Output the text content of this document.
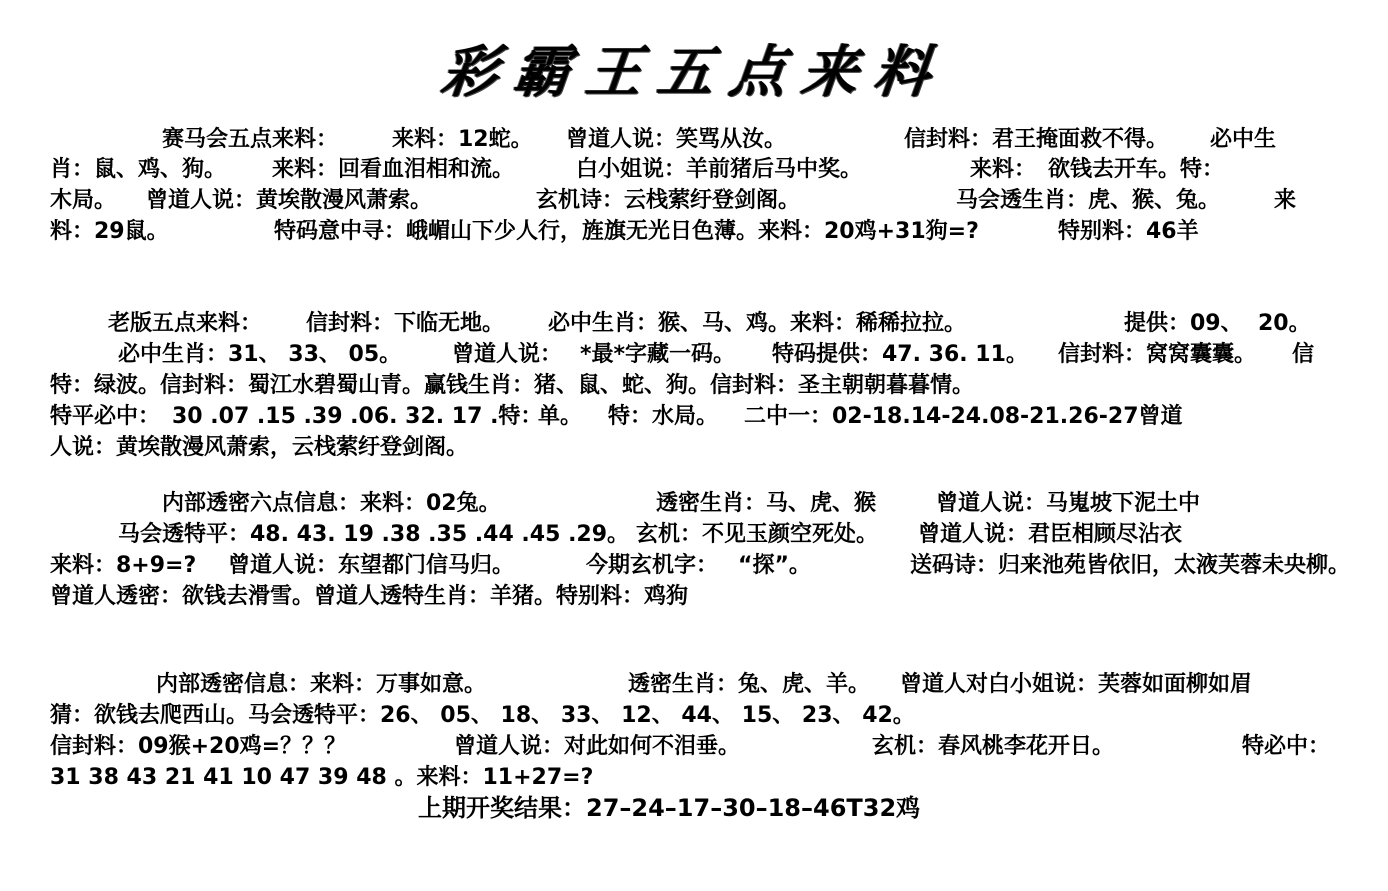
彩霸王五点来料

赛马会五点来料：

来料：12蛇。

曾道人说：笑骂从汝。

	信封料：君王掩面救不得。

必中生

肖：鼠、鸡、狗。

来料：回看血泪相和流。

	白小姐说：羊前猪后马中奖。

	来料：

欲钱去开车。特：

木局。

曾道人说：黄埃散漫风萧索。

	玄机诗：云栈萦纡登剑阁。

	马会透生肖：虎、猴、兔。

来

料：29鼠。

	特码意中寻：峨嵋山下少人行，旌旗无光日色薄。来料：20鸡+31狗=?

	特别料：46羊

老版五点来料：

信封料：下临无地。

必中生肖：猴、马、鸡。来料：稀稀拉拉。

	提供：09、

20。

必中生肖：31、 33、 05。

曾道人说：

*最*字藏一码。

特码提供：47. 36. 11。

信封料：窝窝囊囊。

信

特：绿波。信封料：蜀江水碧蜀山青。赢钱生肖：猪、鼠、蛇、狗。信封料：圣主朝朝暮暮情。

特平必中：

30 .07 .15 .39 .06. 32. 17 .特：

单。

特：水局。

二中一：02-18.14-24.08-21.26-27曾道

人说：黄埃散漫风萧索，云栈萦纡登剑阁。

内部透密六点信息：来料：02兔。

	透密生肖：马、虎、猴

	曾道人说：马嵬坡下泥土中

马会透特平：48. 43. 19 .38 .35 .44 .45 .29。

玄机：不见玉颜空死处。

曾道人说：君臣相顾尽沾衣

来料：8+9=?

曾道人说：东望都门信马归。

	今期玄机字：

“探”。

	送码诗：归来池苑皆依旧，太液芙蓉未央柳。

曾道人透密：欲钱去滑雪。曾道人透特生肖：羊猪。特别料：鸡狗

内部透密信息：来料：万事如意。

	透密生肖：兔、虎、羊。

曾道人对白小姐说：芙蓉如面柳如眉

猜：欲钱去爬西山。马会透特平：26、 05、 18、 33、 12、 44、 15、 23、 42。

信封料：09猴+20鸡=？？？

	曾道人说：对此如何不泪垂。

	玄机：春风桃李花开日。

	特必中：

31 38 43 21 41 10 47 39 48 。来料：11+27=?

上期开奖结果：27–24–17–30–18–46T32鸡
